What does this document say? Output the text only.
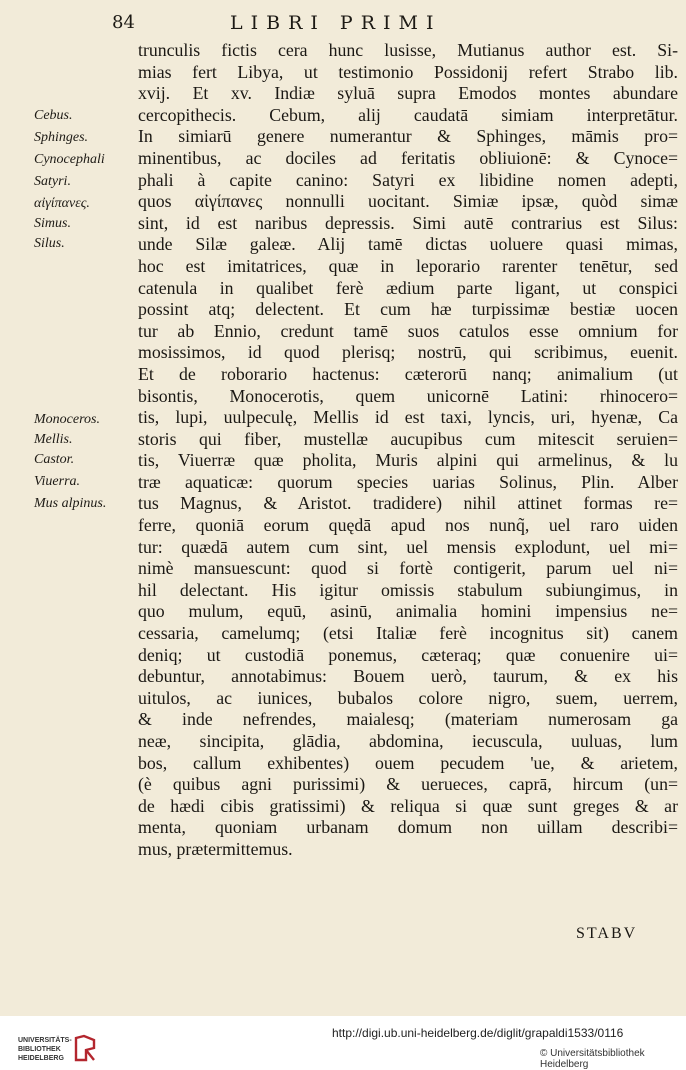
84	LIBRI PRIMI
Cebus.
Sphinges.
Cynocephali
Satyri.
αἰγίπανες.
Simus.
Silus.
Monoceros.
Mellis.
Castor.
Viuerra.
Mus alpinus.
trunculis fictis cera hunc lusisse, Mutianus author est. Si-
mias fert Libya, ut testimonio Possidonij refert Strabo lib.
xvij. Et xv. Indiæ syluā supra Emodos montes abundare
cercopithecis. Cebum, alij caudatā simiam interpretātur.
In simiarū genere numerantur & Sphinges, māmis pro=
minentibus, ac dociles ad feritatis obliuionē: & Cynoce=
phali à capite canino: Satyri ex libidine nomen adepti,
quos αἰγίπανες nonnulli uocitant. Simiæ ipsæ, quòd simæ
sint, id est naribus depressis. Simi autē contrarius est Silus:
unde Silæ galeæ. Alij tamē dictas uoluere quasi mimas,
hoc est imitatrices, quæ in leporario rarenter tenētur, sed
catenula in qualibet ferè ædium parte ligant, ut conspici
possint atq; delectent. Et cum hæ turpissimæ bestiæ uocen
tur ab Ennio, credunt tamē suos catulos esse omnium for
mosissimos, id quod plerisq; nostrū, qui scribimus, euenit.
Et de roborario hactenus: cæterorū nanq; animalium (ut
bisontis, Monocerotis, quem unicornē Latini: rhinocero=
tis, lupi, uulpeculę, Mellis id est taxi, lyncis, uri, hyenæ, Ca
storis qui fiber, mustellæ aucupibus cum mitescit seruien=
tis, Viuerræ quæ pholita, Muris alpini qui armelinus, & lu
træ aquaticæ: quorum species uarias Solinus, Plin. Alber
tus Magnus, & Aristot. tradidere) nihil attinet formas re=
ferre, quoniā eorum quędā apud nos nunq̃, uel raro uiden
tur: quædā autem cum sint, uel mensis explodunt, uel mi=
nimè mansuescunt: quod si fortè contigerit, parum uel ni=
hil delectant. His igitur omissis stabulum subiungimus, in
quo mulum, equū, asinū, animalia homini impensius ne=
cessaria, camelumq; (etsi Italiæ ferè incognitus sit) canem
deniq; ut custodiā ponemus, cæteraq; quæ conuenire ui=
debuntur, annotabimus: Bouem uerò, taurum, & ex his
uitulos, ac iunices, bubalos colore nigro, suem, uerrem,
& inde nefrendes, maialesq; (materiam numerosam ga
neæ, sincipita, glādia, abdomina, iecuscula, uuluas, lum
bos, callum exhibentes) ouem pecudem 'ue, & arietem,
(è quibus agni purissimi) & uerueces, caprā, hircum (un=
de hædi cibis gratissimi) & reliqua si quæ sunt greges & ar
menta, quoniam urbanam domum non uillam describi=
mus, prætermittemus.
STABV
UNIVERSITÄTS-
BIBLIOTHEK
HEIDELBERG
http://digi.ub.uni-heidelberg.de/diglit/grapaldi1533/0116
© Universitätsbibliothek Heidelberg
